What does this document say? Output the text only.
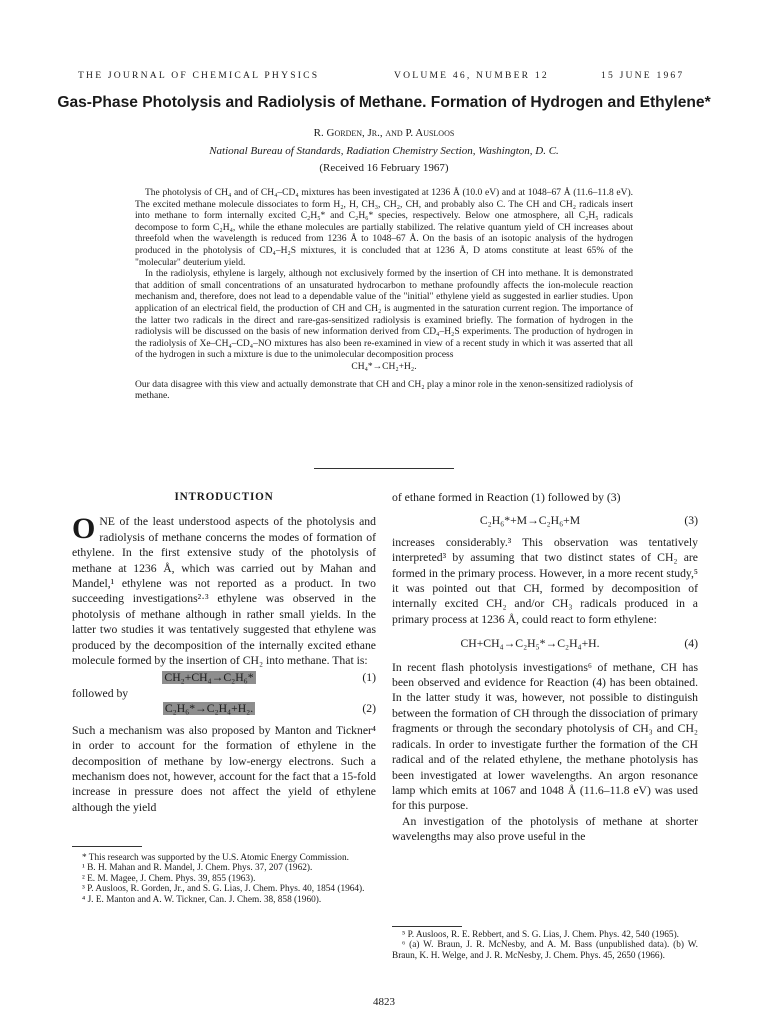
THE JOURNAL OF CHEMICAL PHYSICS	VOLUME 46, NUMBER 12	15 JUNE 1967
Gas-Phase Photolysis and Radiolysis of Methane. Formation of Hydrogen and Ethylene*
R. Gorden, Jr., and P. Ausloos
National Bureau of Standards, Radiation Chemistry Section, Washington, D. C.
(Received 16 February 1967)

The photolysis of CH₄ and of CH₄–CD₄ mixtures has been investigated at 1236 Å (10.0 eV) and at 1048–67 Å (11.6–11.8 eV). The excited methane molecule dissociates to form H₂, H, CH₃, CH₂, CH, and probably also C. The CH and CH₂ radicals insert into methane to form internally excited C₂H₅* and C₂H₆* species, respectively. Below one atmosphere, all C₂H₅ radicals decompose to form C₂H₄, while the ethane molecules are partially stabilized. The relative quantum yield of CH increases about threefold when the wavelength is reduced from 1236 Å to 1048–67 Å. On the basis of an isotopic analysis of the hydrogen produced in the photolysis of CD₄–H₂S mixtures, it is concluded that at 1236 Å, D atoms constitute at least 65% of the "molecular" deuterium yield.

In the radiolysis, ethylene is largely, although not exclusively formed by the insertion of CH into methane. It is demonstrated that addition of small concentrations of an unsaturated hydrocarbon to methane profoundly affects the ion-molecule reaction mechanism and, therefore, does not lead to a dependable value of the "initial" ethylene yield as suggested in earlier studies. Upon application of an electrical field, the production of CH and CH₂ is augmented in the saturation current region. The importance of the latter two radicals in the direct and rare-gas-sensitized radiolysis is examined briefly. The formation of hydrogen in the radiolysis will be discussed on the basis of new information derived from CD₄–H₂S experiments. The production of hydrogen in the radiolysis of Xe–CH₄–CD₄–NO mixtures has also been re-examined in view of a recent study in which it was asserted that all of the hydrogen in such a mixture is due to the unimolecular decomposition process

CH₄*→CH₂+H₂.

Our data disagree with this view and actually demonstrate that CH and CH₂ play a minor role in the xenon-sensitized radiolysis of methane.

INTRODUCTION

ONE of the least understood aspects of the photolysis and radiolysis of methane concerns the modes of formation of ethylene. In the first extensive study of the photolysis of methane at 1236 Å, which was carried out by Mahan and Mandel,¹ ethylene was not reported as a product. In two succeeding investigations²·³ ethylene was observed in the photolysis of methane although in rather small yields. In the latter two studies it was tentatively suggested that ethylene was produced by the decomposition of the internally excited ethane molecule formed by the insertion of CH₂ into methane. That is:

CH₂+CH₄→C₂H₆*	(1)

followed by

C₂H₆*→C₂H₄+H₂.	(2)

Such a mechanism was also proposed by Manton and Tickner⁴ in order to account for the formation of ethylene in the decomposition of methane by low-energy electrons. Such a mechanism does not, however, account for the fact that a 15-fold increase in pressure does not affect the yield of ethylene although the yield

* This research was supported by the U.S. Atomic Energy Commission.

¹ B. H. Mahan and R. Mandel, J. Chem. Phys. 37, 207 (1962).

² E. M. Magee, J. Chem. Phys. 39, 855 (1963).

³ P. Ausloos, R. Gorden, Jr., and S. G. Lias, J. Chem. Phys. 40, 1854 (1964).

⁴ J. E. Manton and A. W. Tickner, Can. J. Chem. 38, 858 (1960).

of ethane formed in Reaction (1) followed by (3)

C₂H₆*+M→C₂H₆+M	(3)

increases considerably.³ This observation was tentatively interpreted³ by assuming that two distinct states of CH₂ are formed in the primary process. However, in a more recent study,⁵ it was pointed out that CH, formed by decomposition of internally excited CH₂ and/or CH₃ radicals produced in a primary process at 1236 Å, could react to form ethylene:

CH+CH₄→C₂H₅*→C₂H₄+H.	(4)

In recent flash photolysis investigations⁶ of methane, CH has been observed and evidence for Reaction (4) has been obtained. In the latter study it was, however, not possible to distinguish between the formation of CH through the dissociation of primary fragments or through the secondary photolysis of CH₃ and CH₂ radicals. In order to investigate further the formation of the CH radical and of the related ethylene, the methane photolysis has been investigated at lower wavelengths. An argon resonance lamp which emits at 1067 and 1048 Å (11.6–11.8 eV) was used for this purpose.

An investigation of the photolysis of methane at shorter wavelengths may also prove useful in the

⁵ P. Ausloos, R. E. Rebbert, and S. G. Lias, J. Chem. Phys. 42, 540 (1965).

⁶ (a) W. Braun, J. R. McNesby, and A. M. Bass (unpublished data). (b) W. Braun, K. H. Welge, and J. R. McNesby, J. Chem. Phys. 45, 2650 (1966).

4823
